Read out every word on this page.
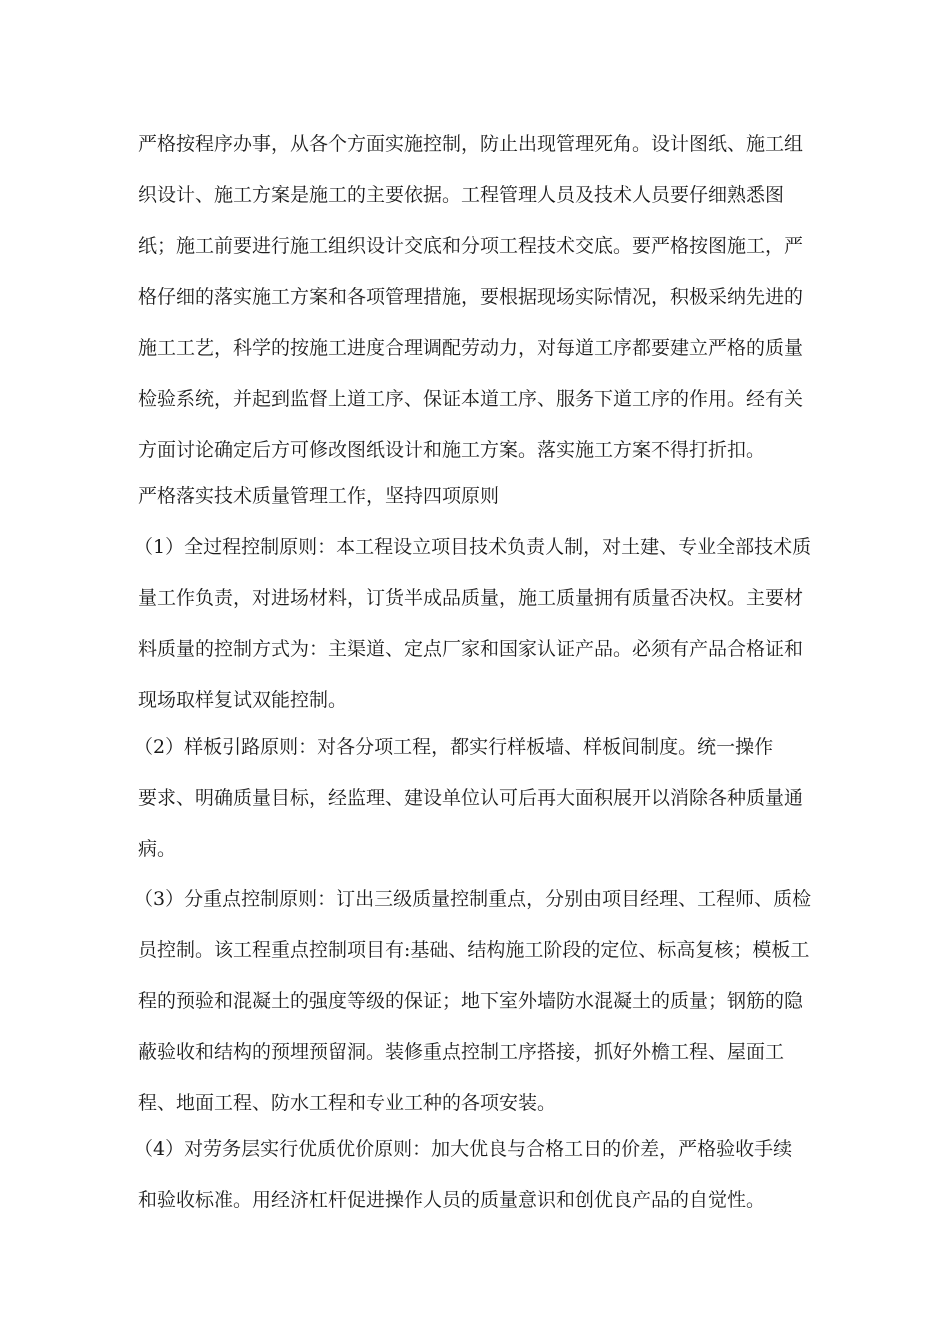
严格按程序办事，从各个方面实施控制，防止出现管理死角。设计图纸、施工组
织设计、施工方案是施工的主要依据。工程管理人员及技术人员要仔细熟悉图
纸；施工前要进行施工组织设计交底和分项工程技术交底。要严格按图施工，严
格仔细的落实施工方案和各项管理措施，要根据现场实际情况，积极采纳先进的
施工工艺，科学的按施工进度合理调配劳动力，对每道工序都要建立严格的质量
检验系统，并起到监督上道工序、保证本道工序、服务下道工序的作用。经有关
方面讨论确定后方可修改图纸设计和施工方案。落实施工方案不得打折扣。
严格落实技术质量管理工作，坚持四项原则
（1）全过程控制原则：本工程设立项目技术负责人制，对土建、专业全部技术质
量工作负责，对进场材料，订货半成品质量，施工质量拥有质量否决权。主要材
料质量的控制方式为：主渠道、定点厂家和国家认证产品。必须有产品合格证和
现场取样复试双能控制。
（2）样板引路原则：对各分项工程，都实行样板墙、样板间制度。统一操作
要求、明确质量目标，经监理、建设单位认可后再大面积展开以消除各种质量通
病。
（3）分重点控制原则：订出三级质量控制重点，分别由项目经理、工程师、质检
员控制。该工程重点控制项目有:基础、结构施工阶段的定位、标高复核；模板工
程的预验和混凝土的强度等级的保证；地下室外墙防水混凝土的质量；钢筋的隐
蔽验收和结构的预埋预留洞。装修重点控制工序搭接，抓好外檐工程、屋面工
程、地面工程、防水工程和专业工种的各项安装。
（4）对劳务层实行优质优价原则：加大优良与合格工日的价差，严格验收手续
和验收标准。用经济杠杆促进操作人员的质量意识和创优良产品的自觉性。
